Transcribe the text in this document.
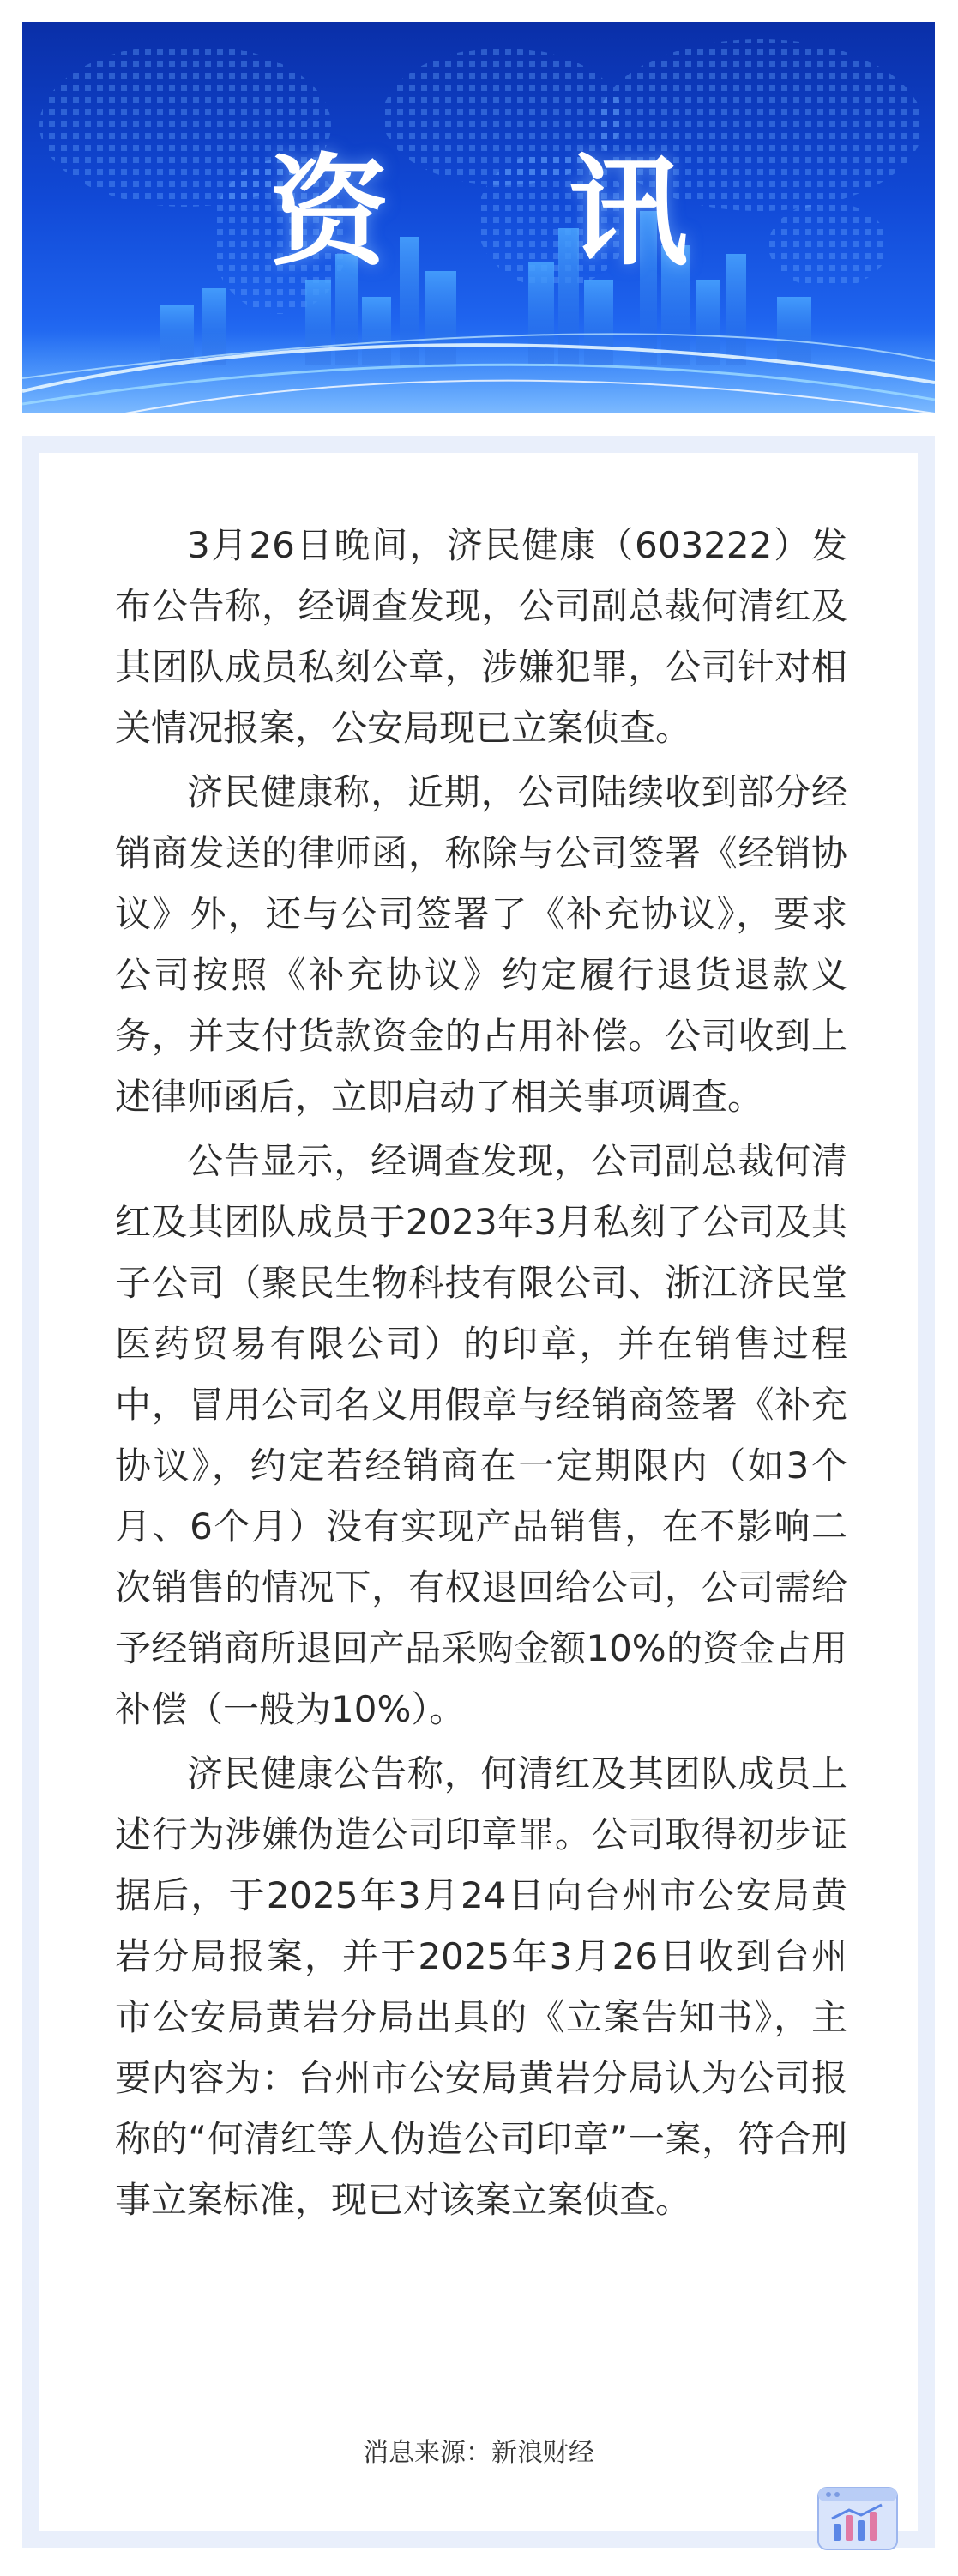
资 讯

3月26日晚间，济民健康（603222）发布公告称，经调查发现，公司副总裁何清红及其团队成员私刻公章，涉嫌犯罪，公司针对相关情况报案，公安局现已立案侦查。

济民健康称，近期，公司陆续收到部分经销商发送的律师函，称除与公司签署《经销协议》外，还与公司签署了《补充协议》，要求公司按照《补充协议》约定履行退货退款义务，并支付货款资金的占用补偿。公司收到上述律师函后，立即启动了相关事项调查。

公告显示，经调查发现，公司副总裁何清红及其团队成员于2023年3月私刻了公司及其子公司（聚民生物科技有限公司、浙江济民堂医药贸易有限公司）的印章，并在销售过程中，冒用公司名义用假章与经销商签署《补充协议》，约定若经销商在一定期限内（如3个月、6个月）没有实现产品销售，在不影响二次销售的情况下，有权退回给公司，公司需给予经销商所退回产品采购金额10%的资金占用补偿（一般为10%）。

济民健康公告称，何清红及其团队成员上述行为涉嫌伪造公司印章罪。公司取得初步证据后，于2025年3月24日向台州市公安局黄岩分局报案，并于2025年3月26日收到台州市公安局黄岩分局出具的《立案告知书》，主要内容为：台州市公安局黄岩分局认为公司报称的“何清红等人伪造公司印章”一案，符合刑事立案标准，现已对该案立案侦查。

消息来源：新浪财经
